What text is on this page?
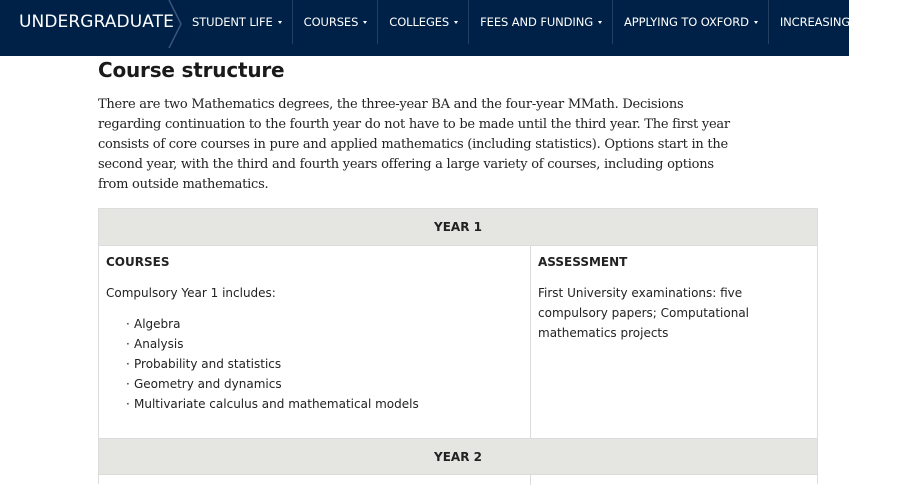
UNDERGRADUATE STUDENT LIFE	COURSES	COLLEGES	FEES AND FUNDING	APPLYING TO OXFORD	INCREASING ACCESS
Course structure

There are two Mathematics degrees, the three-year BA and the four-year MMath. Decisions regarding continuation to the fourth year do not have to be made until the third year. The first year consists of core courses in pure and applied mathematics (including statistics). Options start in the second year, with the third and fourth years offering a large variety of courses, including options from outside mathematics.

YEAR 1
COURSES
Compulsory Year 1 includes:
· Algebra
· Analysis
· Probability and statistics
· Geometry and dynamics
· Multivariate calculus and mathematical models
ASSESSMENT
First University examinations: five compulsory papers; Computational mathematics projects
YEAR 2
